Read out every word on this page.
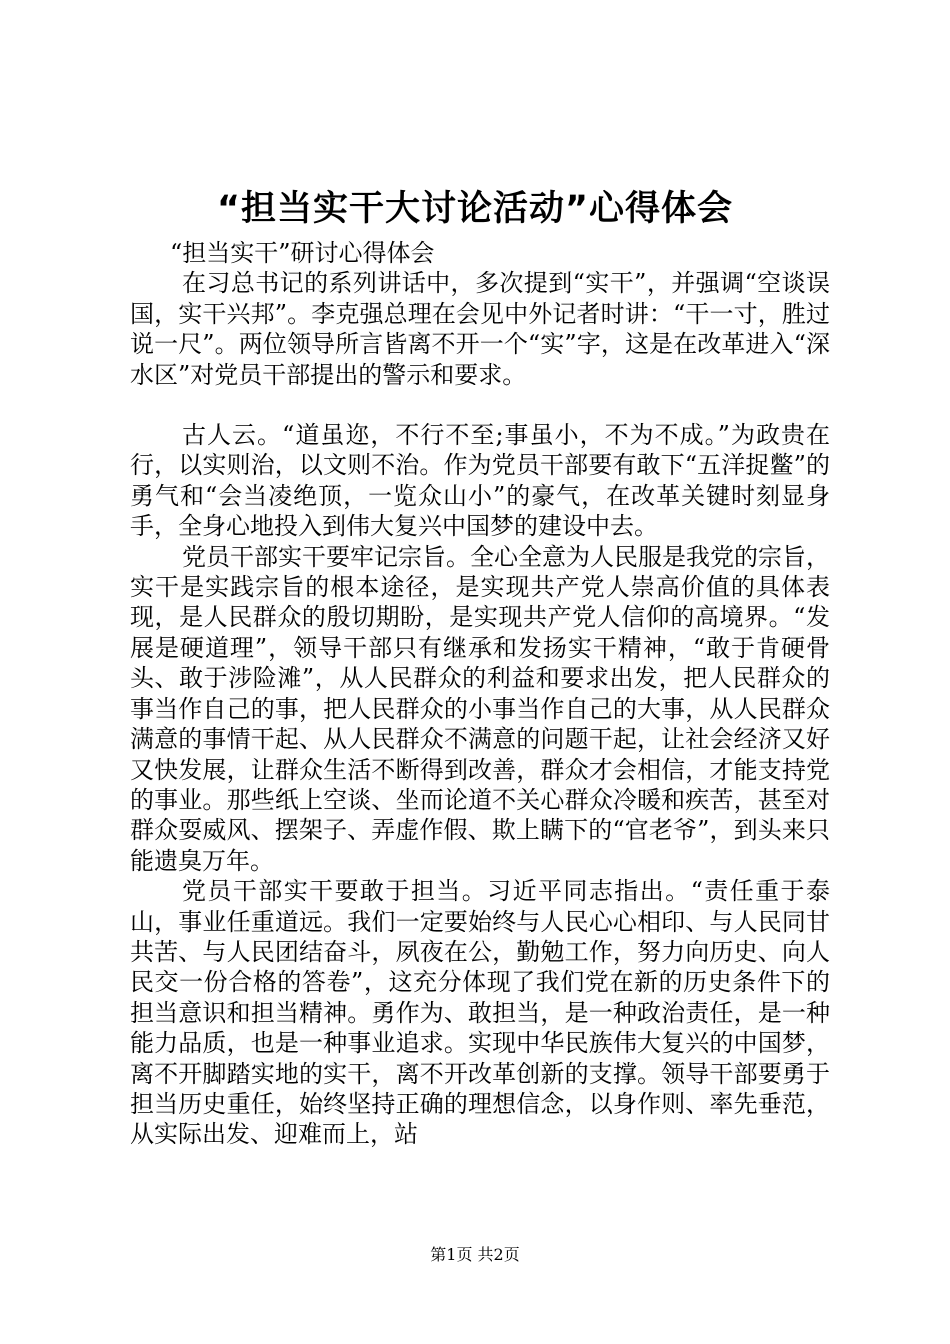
“担当实干大讨论活动”心得体会

“担当实干”研讨心得体会

在习总书记的系列讲话中，多次提到“实干”，并强调“空谈误国，实干兴邦”。李克强总理在会见中外记者时讲：“干一寸，胜过说一尺”。两位领导所言皆离不开一个“实”字，这是在改革进入“深水区”对党员干部提出的警示和要求。

古人云。“道虽迩，不行不至;事虽小，不为不成。”为政贵在行，以实则治，以文则不治。作为党员干部要有敢下“五洋捉鳖”的勇气和“会当凌绝顶，一览众山小”的豪气，在改革关键时刻显身手，全身心地投入到伟大复兴中国梦的建设中去。

党员干部实干要牢记宗旨。全心全意为人民服是我党的宗旨，实干是实践宗旨的根本途径，是实现共产党人崇高价值的具体表现，是人民群众的殷切期盼，是实现共产党人信仰的高境界。“发展是硬道理”，领导干部只有继承和发扬实干精神，“敢于肯硬骨头、敢于涉险滩”，从人民群众的利益和要求出发，把人民群众的事当作自己的事，把人民群众的小事当作自己的大事，从人民群众满意的事情干起、从人民群众不满意的问题干起，让社会经济又好又快发展，让群众生活不断得到改善，群众才会相信，才能支持党的事业。那些纸上空谈、坐而论道不关心群众冷暖和疾苦，甚至对群众耍威风、摆架子、弄虚作假、欺上瞒下的“官老爷”，到头来只能遗臭万年。

党员干部实干要敢于担当。习近平同志指出。“责任重于泰山，事业任重道远。我们一定要始终与人民心心相印、与人民同甘共苦、与人民团结奋斗，夙夜在公，勤勉工作，努力向历史、向人民交一份合格的答卷”，这充分体现了我们党在新的历史条件下的担当意识和担当精神。勇作为、敢担当，是一种政治责任，是一种能力品质，也是一种事业追求。实现中华民族伟大复兴的中国梦，离不开脚踏实地的实干，离不开改革创新的支撑。领导干部要勇于担当历史重任，始终坚持正确的理想信念，以身作则、率先垂范，从实际出发、迎难而上，站

第1页 共2页
